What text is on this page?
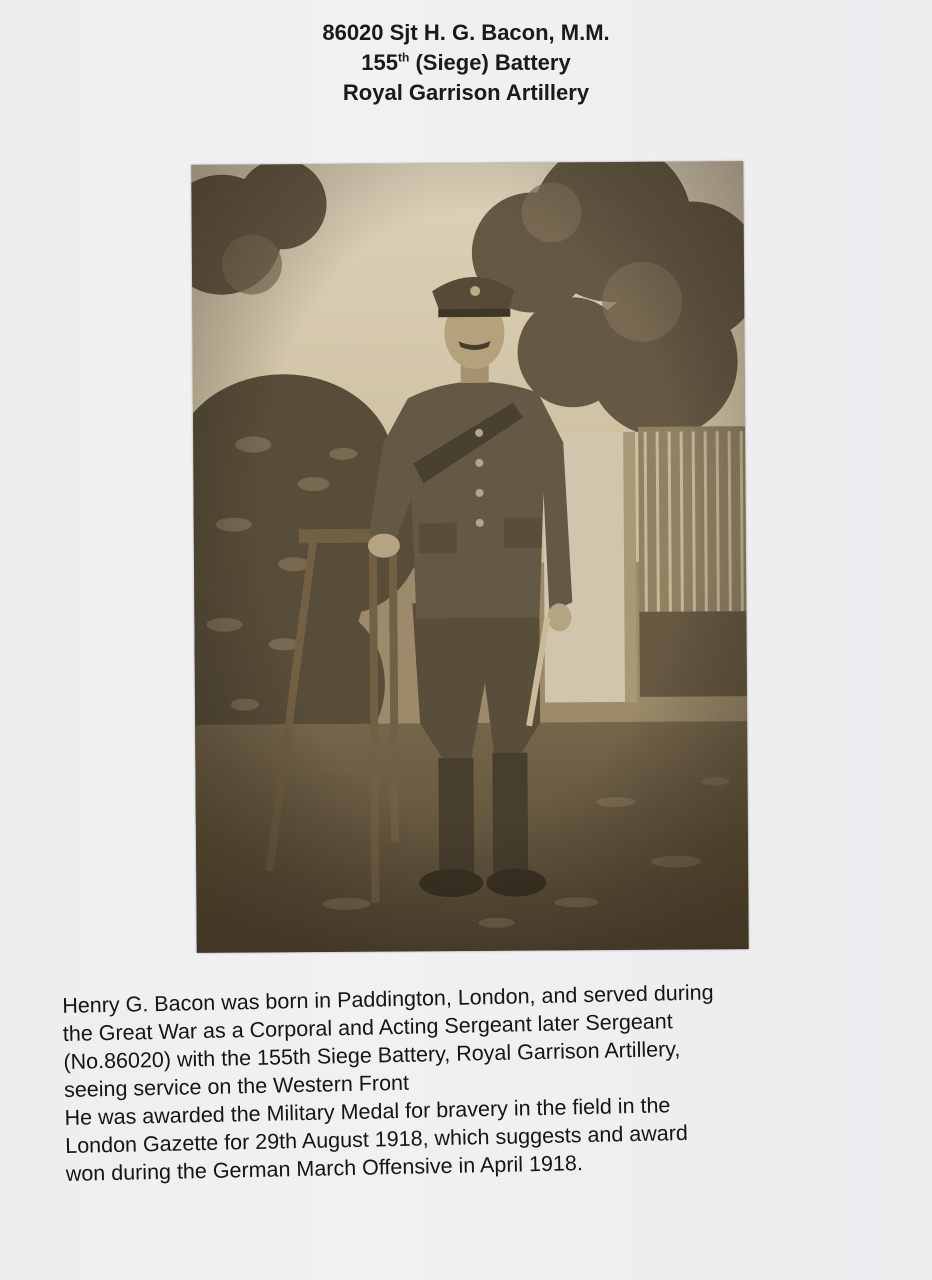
86020 Sjt H. G. Bacon, M.M.
155th (Siege) Battery
Royal Garrison Artillery

Henry G. Bacon was born in Paddington, London, and served during

the Great War as a Corporal and Acting Sergeant later Sergeant

(No.86020) with the 155th Siege Battery, Royal Garrison Artillery,

seeing service on the Western Front

He was awarded the Military Medal for bravery in the field in the

London Gazette for 29th August 1918, which suggests and award

won during the German March Offensive in April 1918.
